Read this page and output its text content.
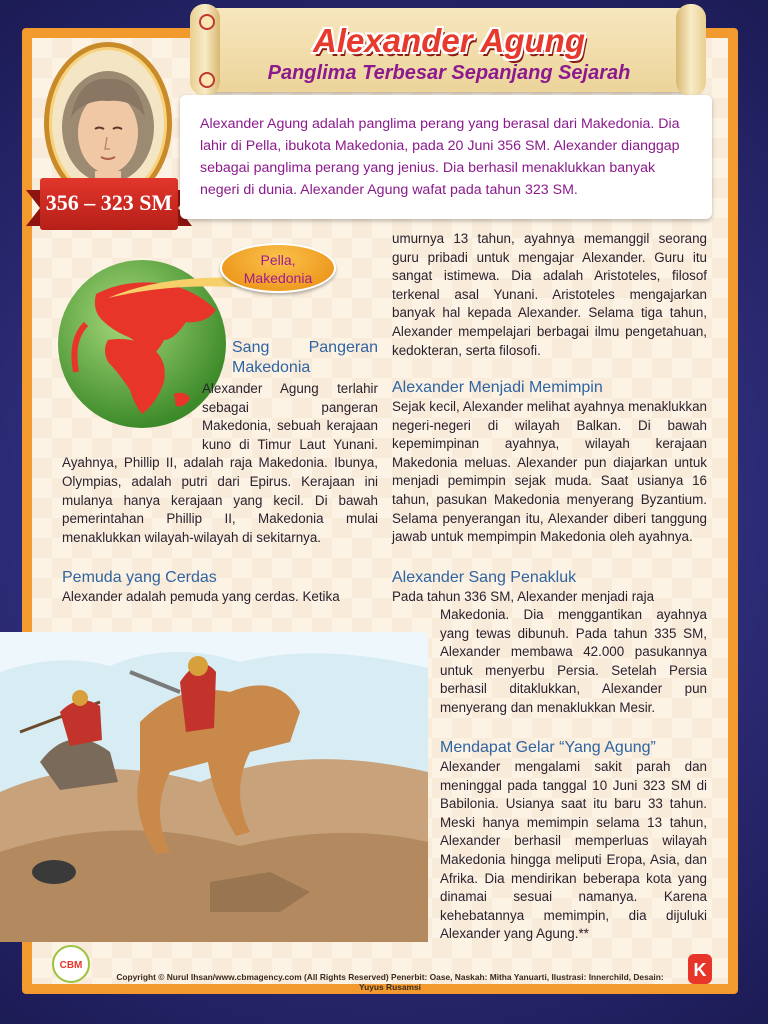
Alexander Agung
Panglima Terbesar Sepanjang Sejarah
356 – 323 SM
Alexander Agung adalah panglima perang yang berasal dari Makedonia. Dia lahir di Pella, ibukota Makedonia, pada 20 Juni 356 SM. Alexander dianggap sebagai panglima perang yang jenius. Dia berhasil menaklukkan banyak negeri di dunia. Alexander Agung wafat pada tahun 323 SM.
Pella,
Makedonia

Sang Pangeran Makedonia

Alexander Agung terlahir sebagai pangeran Makedonia, sebuah kerajaan kuno di Timur Laut Yunani. Ayahnya, Phillip II, adalah raja Makedonia. Ibunya, Olympias, adalah putri dari Epirus. Kerajaan ini mulanya hanya kerajaan yang kecil. Di bawah pemerintahan Phillip II, Makedonia mulai menaklukkan wilayah-wilayah di sekitarnya.

Pemuda yang Cerdas

Alexander adalah pemuda yang cerdas. Ketika
umurnya 13 tahun, ayahnya memanggil seorang guru pribadi untuk mengajar Alexander. Guru itu sangat istimewa. Dia adalah Aristoteles, filosof terkenal asal Yunani. Aristoteles mengajarkan banyak hal kepada Alexander. Selama tiga tahun, Alexander mempelajari berbagai ilmu pengetahuan, kedokteran, serta filosofi.

Alexander Menjadi Memimpin

Sejak kecil, Alexander melihat ayahnya menaklukkan negeri-negeri di wilayah Balkan. Di bawah kepemimpinan ayahnya, wilayah kerajaan Makedonia meluas. Alexander pun diajarkan untuk menjadi pemimpin sejak muda. Saat usianya 16 tahun, pasukan Makedonia menyerang Byzantium. Selama penyerangan itu, Alexander diberi tanggung jawab untuk mempimpin Makedonia oleh ayahnya.

Alexander Sang Penakluk

Pada tahun 336 SM, Alexander menjadi raja
Makedonia. Dia menggantikan ayahnya yang tewas dibunuh. Pada tahun 335 SM, Alexander membawa 42.000 pasukannya untuk menyerbu Persia. Setelah Persia berhasil ditaklukkan, Alexander pun menyerang dan menaklukkan Mesir.

Mendapat Gelar “Yang Agung”

Alexander mengalami sakit parah dan meninggal pada tanggal 10 Juni 323 SM di Babilonia. Usianya saat itu baru 33 tahun. Meski hanya memimpin selama 13 tahun, Alexander berhasil memperluas wilayah Makedonia hingga meliputi Eropa, Asia, dan Afrika. Dia mendirikan beberapa kota yang dinamai sesuai namanya. Karena kehebatannya memimpin, dia dijuluki Alexander yang Agung.**
CBM
Copyright © Nurul Ihsan/www.cbmagency.com (All Rights Reserved) Penerbit: Oase, Naskah: Mitha Yanuarti, Ilustrasi: Innerchild, Desain: Yuyus Rusamsi
K
